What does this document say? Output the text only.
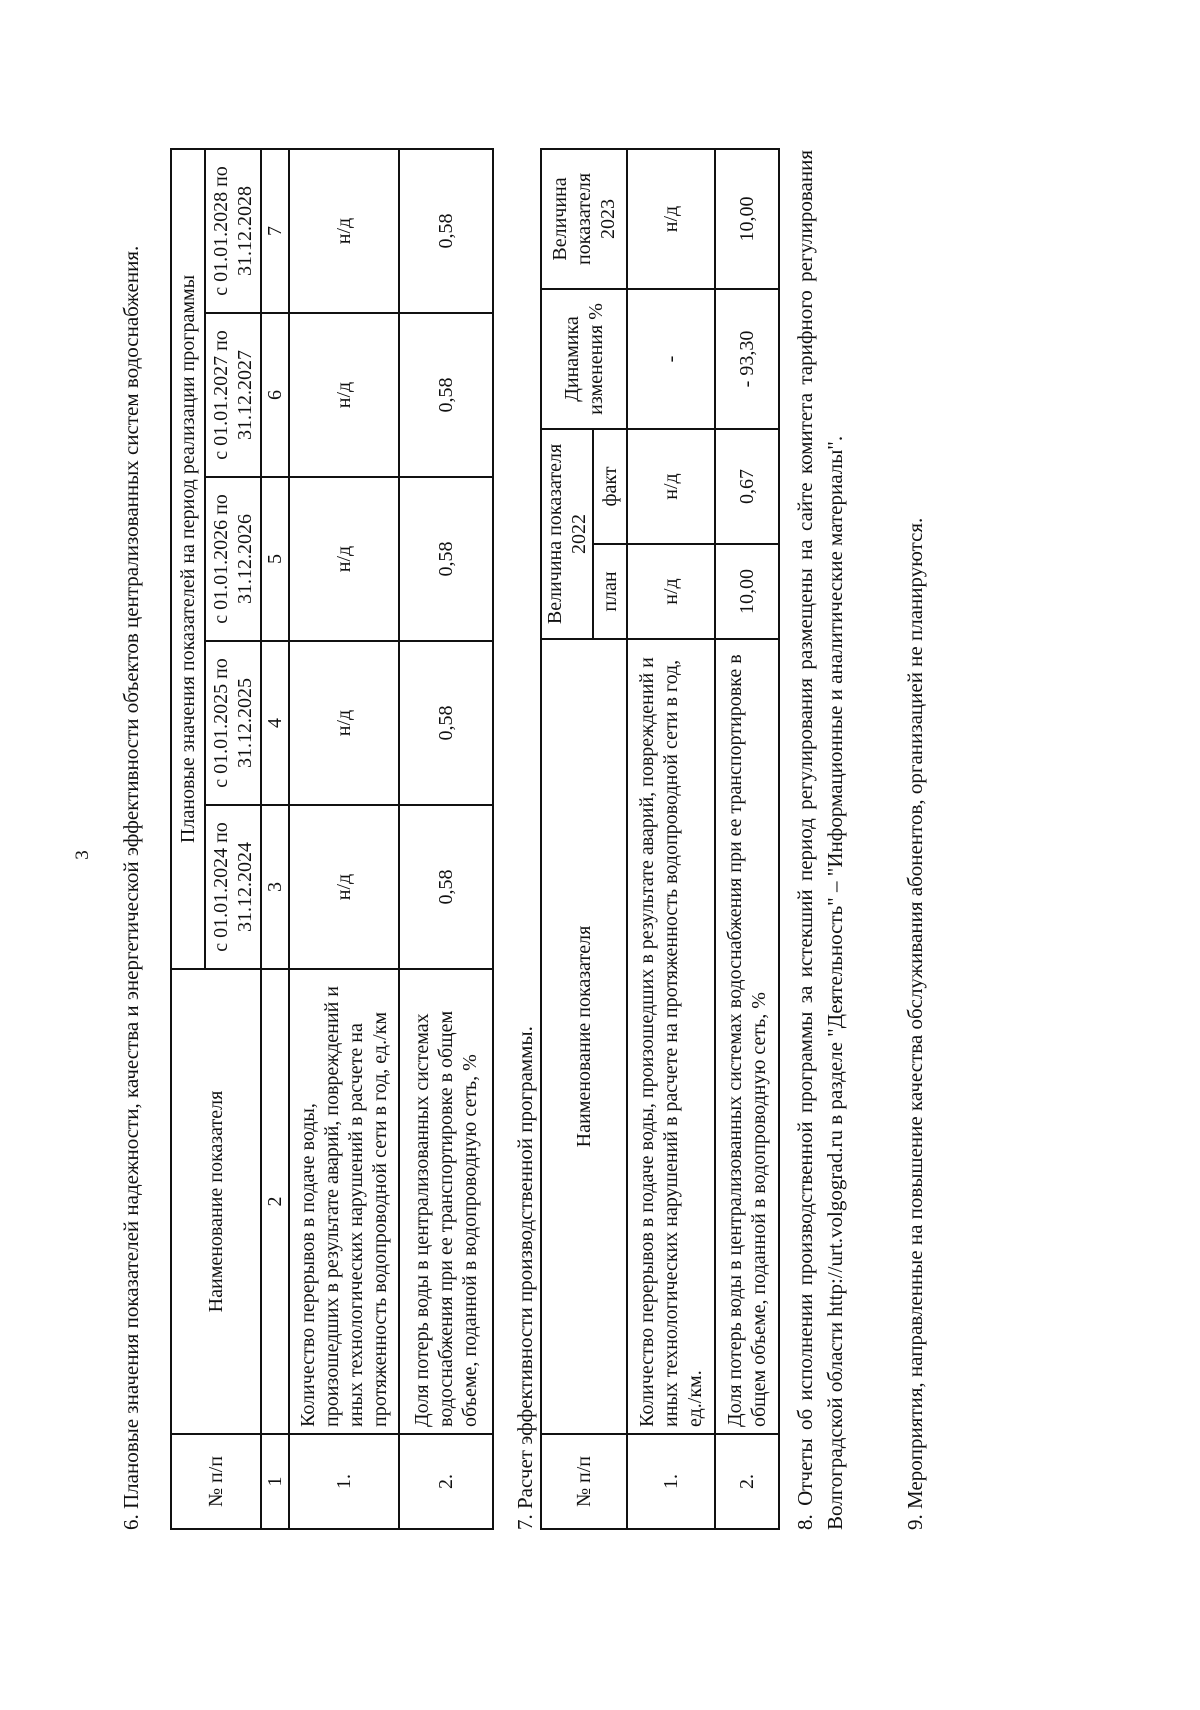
3 6. Плановые значения показателей надежности, качества и энергетической эффективности объектов централизованных систем водоснабжения.	№ п/п	Наименование показателя	Плановые значения показателей на период реализации программы				
		с 01.01.2024 по 31.12.2024	с 01.01.2025 по 31.12.2025	с 01.01.2026 по 31.12.2026	с 01.01.2027 по 31.12.2027	с 01.01.2028 по 31.12.2028
1	2	3	4	5	6	7
1.	Количество перерывов в подаче воды, произошедших в результате аварий, повреждений и иных технологических нарушений в расчете на протяженность водопроводной сети в год, ед./км	н/д	н/д	н/д	н/д	н/д
2.	Доля потерь воды в централизованных системах водоснабжения при ее транспортировке в общем объеме, поданной в водопроводную сеть, %	0,58	0,58	0,58	0,58	0,58

7. Расчет эффективности производственной программы. № п/п	Наименование показателя	Величина показателя 2022		Динамика изменения %	Величина показателя 2023
		план	факт		
1.	Количество перерывов в подаче воды, произошедших в результате аварий, повреждений и иных технологических нарушений в расчете на протяженность водопроводной сети в год, ед./км.	н/д	н/д	-	н/д
2.	Доля потерь воды в централизованных системах водоснабжения при ее транспортировке в общем объеме, поданной в водопроводную сеть, %	10,00	0,67	- 93,30	10,00 8. Отчеты об исполнении производственной программы за истекший период регулирования размещены на сайте комитета тарифного регулирования Волгоградской области http://urt.volgograd.ru в разделе "Деятельность" – "Информационные и аналитические материалы".	9. Мероприятия, направленные на повышение качества обслуживания абонентов, организацией не планируются.
